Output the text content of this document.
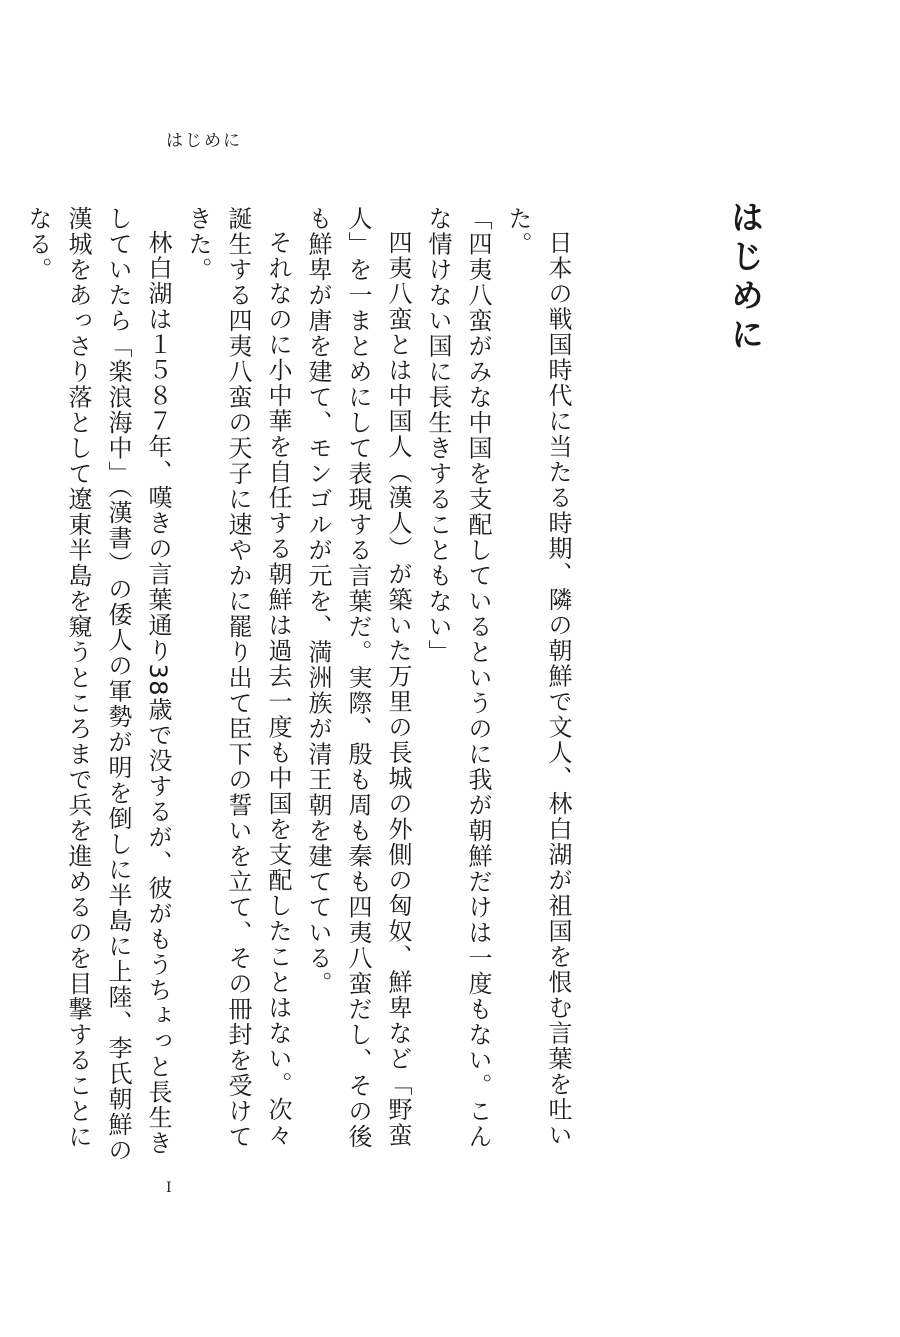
はじめに
はじめに

日本の戦国時代に当たる時期、隣の朝鮮で文人、林白湖が祖国を恨む言葉を吐いた。

「四夷八蛮がみな中国を支配しているというのに我が朝鮮だけは一度もない。こんな情けない国に長生きすることもない」

四夷八蛮とは中国人（漢人）が築いた万里の長城の外側の匈奴、鮮卑など「野蛮人」を一まとめにして表現する言葉だ。実際、殷も周も秦も四夷八蛮だし、その後も鮮卑が唐を建て、モンゴルが元を、満洲族が清王朝を建てている。

それなのに小中華を自任する朝鮮は過去一度も中国を支配したことはない。次々誕生する四夷八蛮の天子に速やかに罷り出て臣下の誓いを立て、その冊封を受けてきた。

林白湖は１５８７年、嘆きの言葉通り38歳で没するが、彼がもうちょっと長生きしていたら「楽浪海中」（漢書）の倭人の軍勢が明を倒しに半島に上陸、李氏朝鮮の漢城をあっさり落として遼東半島を窺うところまで兵を進めるのを目撃することになる。

I
